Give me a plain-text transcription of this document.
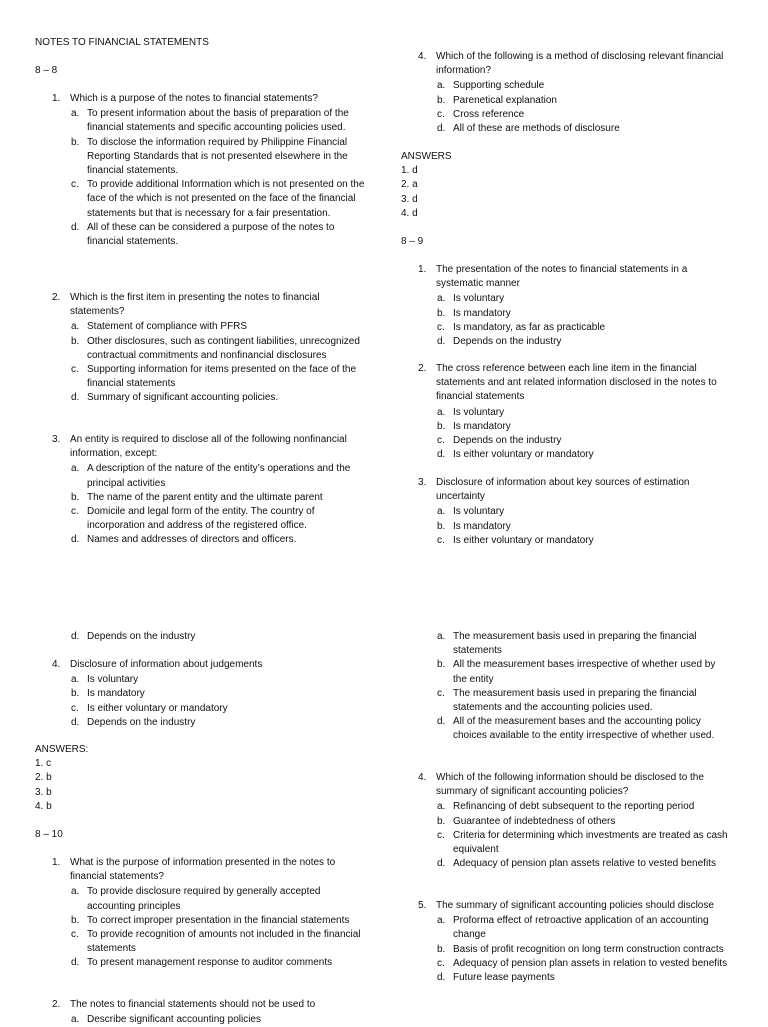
NOTES TO FINANCIAL STATEMENTS
8 – 8
1. Which is a purpose of the notes to financial statements?
a. To present information about the basis of preparation of the financial statements and specific accounting policies used.
b. To disclose the information required by Philippine Financial Reporting Standards that is not presented elsewhere in the financial statements.
c. To provide additional Information which is not presented on the face of the which is not presented on the face of the financial statements but that is necessary for a fair presentation.
d. All of these can be considered a purpose of the notes to financial statements.
2. Which is the first item in presenting the notes to financial statements?
a. Statement of compliance with PFRS
b. Other disclosures, such as contingent liabilities, unrecognized contractual commitments and nonfinancial disclosures
c. Supporting information for items presented on the face of the financial statements
d. Summary of significant accounting policies.
3. An entity is required to disclose all of the following nonfinancial information, except:
a. A description of the nature of the entity’s operations and the principal activities
b. The name of the parent entity and the ultimate parent
c. Domicile and legal form of the entity. The country of incorporation and address of the registered office.
d. Names and addresses of directors and officers.
4. Which of the following is a method of disclosing relevant financial information?
a. Supporting schedule
b. Parenetical explanation
c. Cross reference
d. All of these are methods of disclosure

ANSWERS

1. d

2. a

3. d

4. d

8 – 9
1. The presentation of the notes to financial statements in a systematic manner
a. Is voluntary
b. Is mandatory
c. Is mandatory, as far as practicable
d. Depends on the industry
2. The cross reference between each line item in the financial statements and ant related information disclosed in the notes to financial statements
a. Is voluntary
b. Is mandatory
c. Depends on the industry
d. Is either voluntary or mandatory
3. Disclosure of information about key sources of estimation uncertainty
a. Is voluntary
b. Is mandatory
c. Is either voluntary or mandatory
d. Depends on the industry
4. Disclosure of information about judgements
a. Is voluntary
b. Is mandatory
c. Is either voluntary or mandatory
d. Depends on the industry

ANSWERS:

1. c

2. b

3. b

4. b

8 – 10
1. What is the purpose of information presented in the notes to financial statements?
a. To provide disclosure required by generally accepted accounting principles
b. To correct improper presentation in the financial statements
c. To provide recognition of amounts not included in the financial statements
d. To present management response to auditor comments
2. The notes to financial statements should not be used to
a. Describe significant accounting policies
a. The measurement basis used in preparing the financial statements
b. All the measurement bases irrespective of whether used by the entity
c. The measurement basis used in preparing the financial statements and the accounting policies used.
d. All of the measurement bases and the accounting policy choices available to the entity irrespective of whether used.
4. Which of the following information should be disclosed to the summary of significant accounting policies?
a. Refinancing of debt subsequent to the reporting period
b. Guarantee of indebtedness of others
c. Criteria for determining which investments are treated as cash equivalent
d. Adequacy of pension plan assets relative to vested benefits
5. The summary of significant accounting policies should disclose
a. Proforma effect of retroactive application of an accounting change
b. Basis of profit recognition on long term construction contracts
c. Adequacy of pension plan assets in relation to vested benefits
d. Future lease payments
